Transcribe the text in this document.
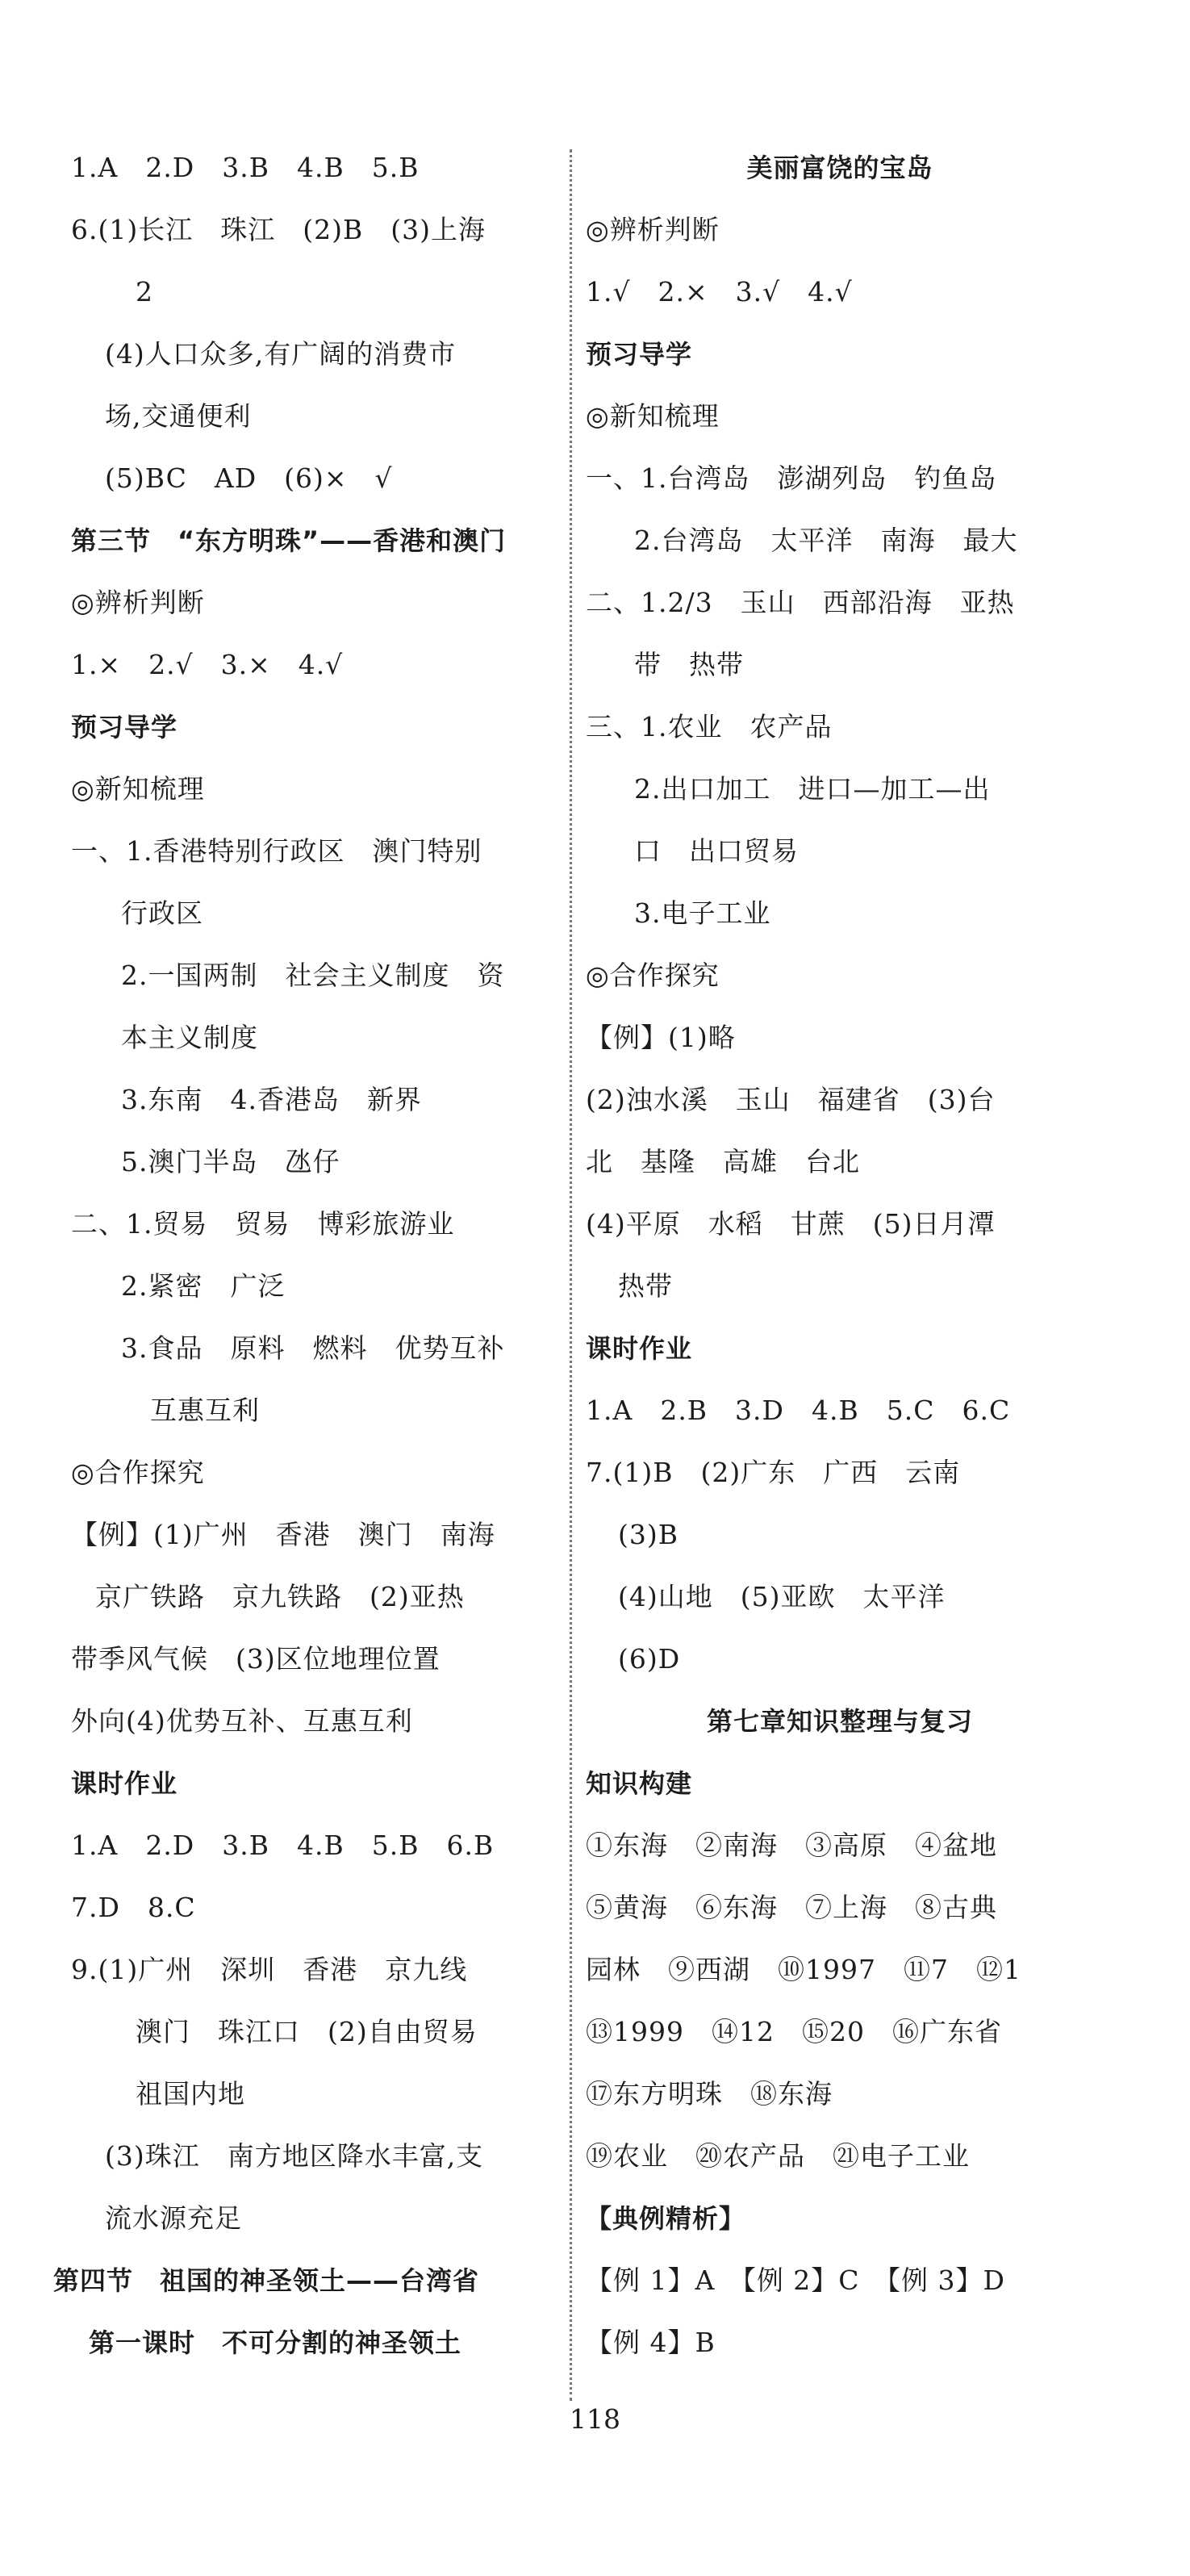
1.A　2.D　3.B　4.B　5.B
6.(1)长江　珠江　(2)B　(3)上海
2
(4)人口众多,有广阔的消费市
场,交通便利
(5)BC　AD　(6)×　√
第三节　“东方明珠”——香港和澳门
◎辨析判断
1.×　2.√　3.×　4.√
预习导学
◎新知梳理
一、1.香港特别行政区　澳门特别
行政区
2.一国两制　社会主义制度　资
本主义制度
3.东南　4.香港岛　新界
5.澳门半岛　氹仔
二、1.贸易　贸易　博彩旅游业
2.紧密　广泛
3.食品　原料　燃料　优势互补
互惠互利
◎合作探究
【例】(1)广州　香港　澳门　南海
京广铁路　京九铁路　(2)亚热
带季风气候　(3)区位地理位置
外向(4)优势互补、互惠互利
课时作业
1.A　2.D　3.B　4.B　5.B　6.B
7.D　8.C
9.(1)广州　深圳　香港　京九线
澳门　珠江口　(2)自由贸易
祖国内地
(3)珠江　南方地区降水丰富,支
流水源充足
第四节　祖国的神圣领土——台湾省
第一课时　不可分割的神圣领土
美丽富饶的宝岛
◎辨析判断
1.√　2.×　3.√　4.√
预习导学
◎新知梳理
一、1.台湾岛　澎湖列岛　钓鱼岛
2.台湾岛　太平洋　南海　最大
二、1.2/3　玉山　西部沿海　亚热
带　热带
三、1.农业　农产品
2.出口加工　进口—加工—出
口　出口贸易
3.电子工业
◎合作探究
【例】(1)略
(2)浊水溪　玉山　福建省　(3)台
北　基隆　高雄　台北
(4)平原　水稻　甘蔗　(5)日月潭
热带
课时作业
1.A　2.B　3.D　4.B　5.C　6.C
7.(1)B　(2)广东　广西　云南
(3)B
(4)山地　(5)亚欧　太平洋
(6)D
第七章知识整理与复习
知识构建
①东海　②南海　③高原　④盆地
⑤黄海　⑥东海　⑦上海　⑧古典
园林　⑨西湖　⑩1997　⑪7　⑫1
⑬1999　⑭12　⑮20　⑯广东省
⑰东方明珠　⑱东海
⑲农业　⑳农产品　㉑电子工业
【典例精析】
【例 1】A　【例 2】C　【例 3】D
【例 4】B
118
